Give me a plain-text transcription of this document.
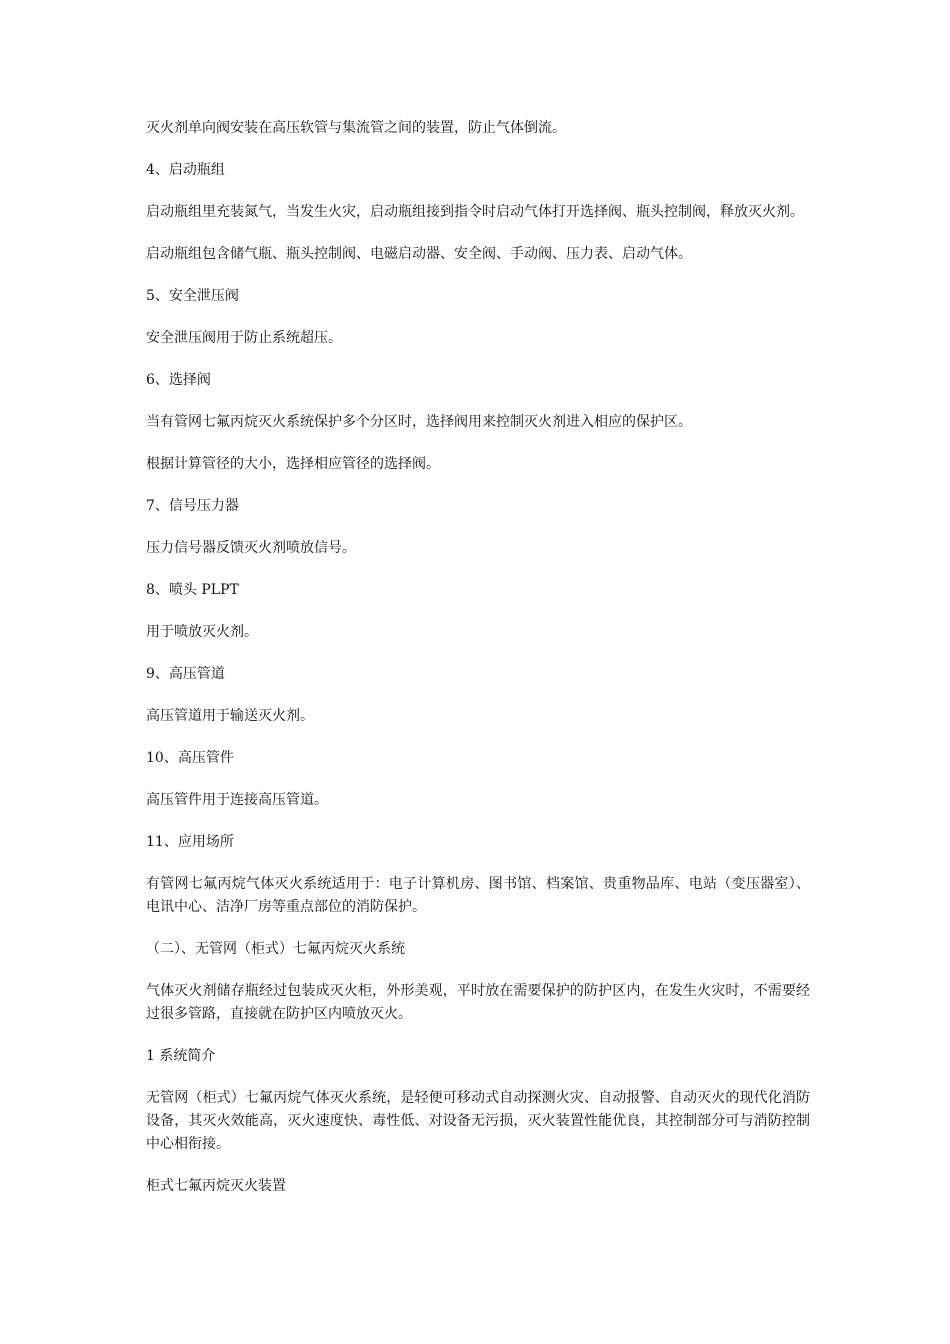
灭火剂单向阀安装在高压软管与集流管之间的装置，防止气体倒流。

4、启动瓶组

启动瓶组里充装氮气，当发生火灾，启动瓶组接到指令时启动气体打开选择阀、瓶头控制阀，释放灭火剂。

启动瓶组包含储气瓶、瓶头控制阀、电磁启动器、安全阀、手动阀、压力表、启动气体。

5、安全泄压阀

安全泄压阀用于防止系统超压。

6、选择阀

当有管网七氟丙烷灭火系统保护多个分区时，选择阀用来控制灭火剂进入相应的保护区。

根据计算管径的大小，选择相应管径的选择阀。

7、信号压力器

压力信号器反馈灭火剂喷放信号。

8、喷头 PLPT

用于喷放灭火剂。

9、高压管道

高压管道用于输送灭火剂。

10、高压管件

高压管件用于连接高压管道。

11、应用场所

有管网七氟丙烷气体灭火系统适用于：电子计算机房、图书馆、档案馆、贵重物品库、电站（变压器室）、电讯中心、洁净厂房等重点部位的消防保护。

（二）、无管网（柜式）七氟丙烷灭火系统

气体灭火剂储存瓶经过包装成灭火柜，外形美观，平时放在需要保护的防护区内，在发生火灾时，不需要经过很多管路，直接就在防护区内喷放灭火。

1 系统简介

无管网（柜式）七氟丙烷气体灭火系统，是轻便可移动式自动探测火灾、自动报警、自动灭火的现代化消防设备，其灭火效能高，灭火速度快、毒性低、对设备无污损，灭火装置性能优良，其控制部分可与消防控制中心相衔接。

柜式七氟丙烷灭火装置
